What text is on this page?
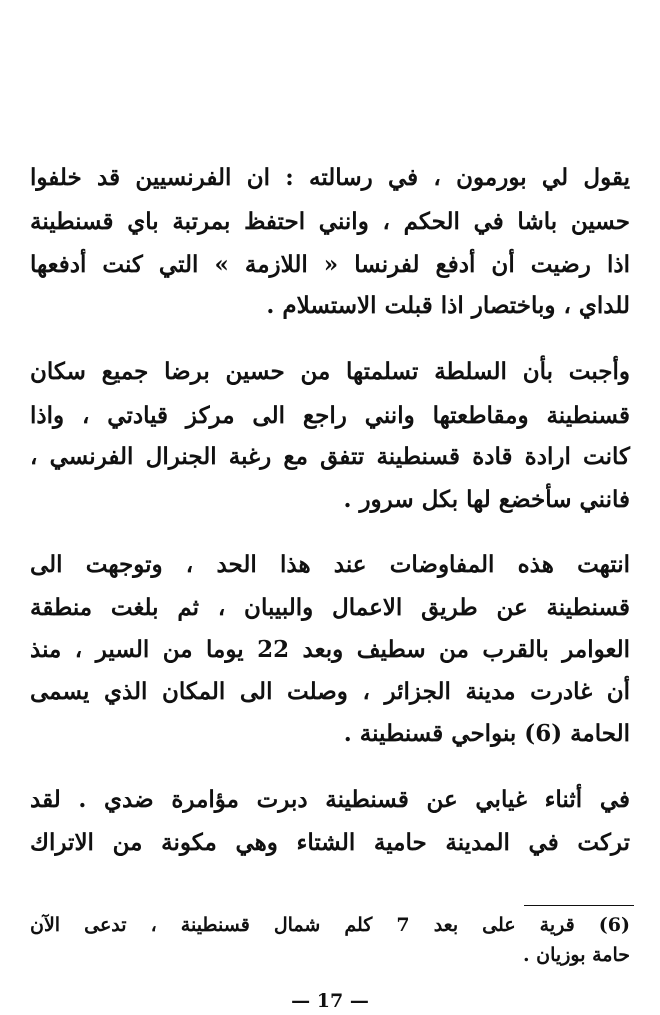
يقول لي بورمون ، في رسالته : ان الفرنسيين قد خلفوا
حسين باشا في الحكم ، وانني احتفظ بمرتبة باي قسنطينة
اذا رضيت أن أدفع لفرنسا « اللازمة » التي كنت أدفعها
للداي ، وباختصار اذا قبلت الاستسلام .
وأجبت بأن السلطة تسلمتها من حسين برضا جميع سكان
قسنطينة ومقاطعتها وانني راجع الى مركز قيادتي ، واذا
كانت ارادة قادة قسنطينة تتفق مع رغبة الجنرال الفرنسي ،
فانني سأخضع لها بكل سرور .
انتهت هذه المفاوضات عند هذا الحد ، وتوجهت الى
قسنطينة عن طريق الاعمال والبيبان ، ثم بلغت منطقة
العوامر بالقرب من سطيف وبعد 22 يوما من السير ، منذ
أن غادرت مدينة الجزائر ، وصلت الى المكان الذي يسمى
الحامة (6) بنواحي قسنطينة .
في أثناء غيابي عن قسنطينة دبرت مؤامرة ضدي . لقد
تركت في المدينة حامية الشتاء وهي مكونة من الاتراك
(6) قرية على بعد 7 كلم شمال قسنطينة ، تدعى الآن
حامة بوزيان .
— 17 —
